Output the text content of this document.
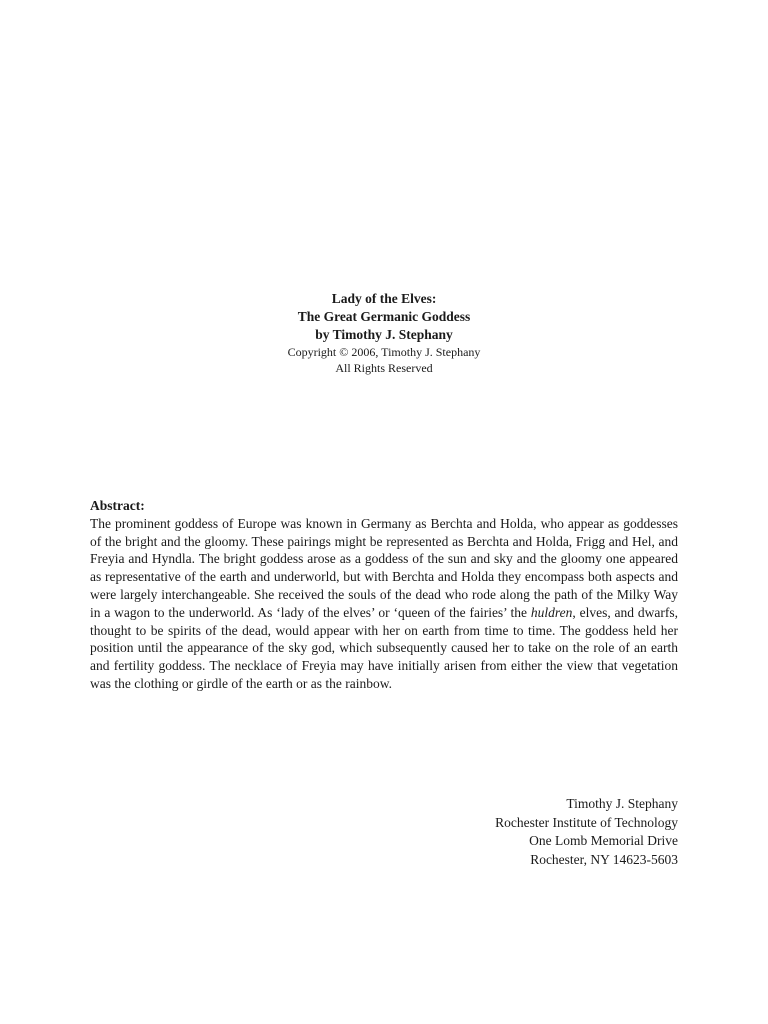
Lady of the Elves:
The Great Germanic Goddess
by Timothy J. Stephany
Copyright © 2006, Timothy J. Stephany
All Rights Reserved
Abstract:

The prominent goddess of Europe was known in Germany as Berchta and Holda, who appear as goddesses of the bright and the gloomy. These pairings might be represented as Berchta and Holda, Frigg and Hel, and Freyia and Hyndla. The bright goddess arose as a goddess of the sun and sky and the gloomy one appeared as representative of the earth and underworld, but with Berchta and Holda they encompass both aspects and were largely interchangeable. She received the souls of the dead who rode along the path of the Milky Way in a wagon to the underworld. As ‘lady of the elves’ or ‘queen of the fairies’ the huldren, elves, and dwarfs, thought to be spirits of the dead, would appear with her on earth from time to time. The goddess held her position until the appearance of the sky god, which subsequently caused her to take on the role of an earth and fertility goddess. The necklace of Freyia may have initially arisen from either the view that vegetation was the clothing or girdle of the earth or as the rainbow.

Timothy J. Stephany
Rochester Institute of Technology
One Lomb Memorial Drive
Rochester, NY 14623-5603
